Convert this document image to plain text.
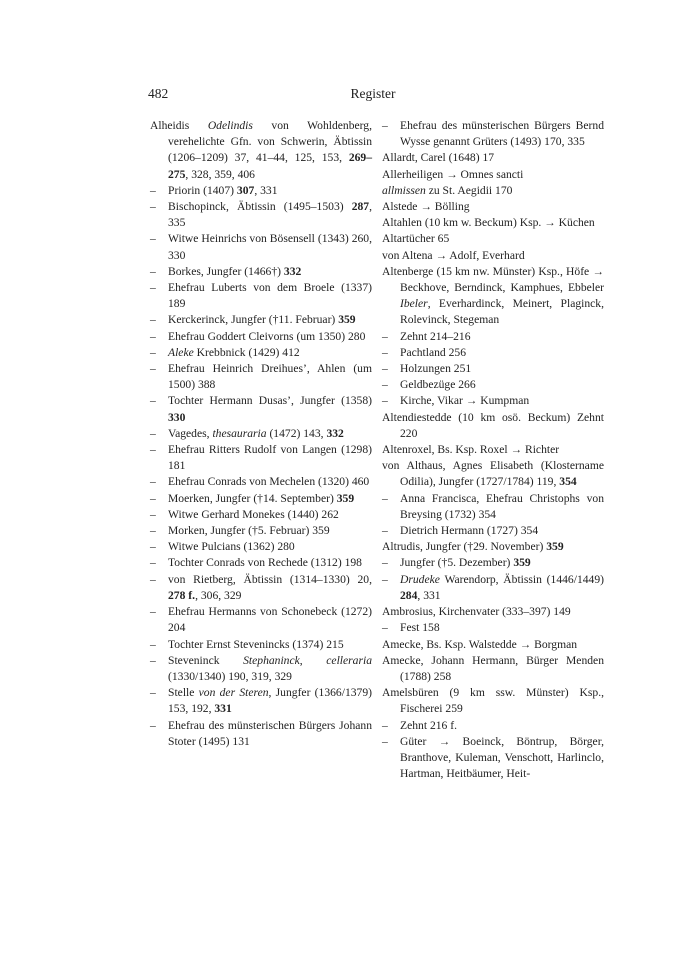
482	Register

Alheidis Odelindis von Wohldenberg, verehelichte Gfn. von Schwerin, Äbtissin (1206–1209) 37, 41–44, 125, 153, 269–275, 328, 359, 406

– Priorin (1407) 307, 331

– Bischopinck, Äbtissin (1495–1503) 287, 335

– Witwe Heinrichs von Bösensell (1343) 260, 330

– Borkes, Jungfer (1466†) 332

– Ehefrau Luberts von dem Broele (1337) 189

– Kerckerinck, Jungfer (†11. Februar) 359

– Ehefrau Goddert Cleivorns (um 1350) 280

– Aleke Krebbnick (1429) 412

– Ehefrau Heinrich Dreihues’, Ahlen (um 1500) 388

– Tochter Hermann Dusas’, Jungfer (1358) 330

– Vagedes, thesauraria (1472) 143, 332

– Ehefrau Ritters Rudolf von Langen (1298) 181

– Ehefrau Conrads von Mechelen (1320) 460

– Moerken, Jungfer (†14. September) 359

– Witwe Gerhard Monekes (1440) 262

– Morken, Jungfer (†5. Februar) 359

– Witwe Pulcians (1362) 280

– Tochter Conrads von Rechede (1312) 198

– von Rietberg, Äbtissin (1314–1330) 20, 278 f., 306, 329

– Ehefrau Hermanns von Schonebeck (1272) 204

– Tochter Ernst Stevenincks (1374) 215

– Steveninck Stephaninck, celleraria (1330/1340) 190, 319, 329

– Stelle von der Steren, Jungfer (1366/1379) 153, 192, 331

– Ehefrau des münsterischen Bürgers Johann Stoter (1495) 131

– Ehefrau des münsterischen Bürgers Bernd Wysse genannt Grüters (1493) 170, 335

Allardt, Carel (1648) 17

Allerheiligen → Omnes sancti

allmissen zu St. Aegidii 170

Alstede → Bölling

Altahlen (10 km w. Beckum) Ksp. → Küchen

Altartücher 65

von Altena → Adolf, Everhard

Altenberge (15 km nw. Münster) Ksp., Höfe → Beckhove, Berndinck, Kamphues, Ebbeler Ibeler, Everhardinck, Meinert, Plaginck, Rolevinck, Stegeman

– Zehnt 214–216

– Pachtland 256

– Holzungen 251

– Geldbezüge 266

– Kirche, Vikar → Kumpman

Altendiestedde (10 km osö. Beckum) Zehnt 220

Altenroxel, Bs. Ksp. Roxel → Richter

von Althaus, Agnes Elisabeth (Klostername Odilia), Jungfer (1727/1784) 119, 354

– Anna Francisca, Ehefrau Christophs von Breysing (1732) 354

– Dietrich Hermann (1727) 354

Altrudis, Jungfer (†29. November) 359

– Jungfer (†5. Dezember) 359

– Drudeke Warendorp, Äbtissin (1446/1449) 284, 331

Ambrosius, Kirchenvater (333–397) 149

– Fest 158

Amecke, Bs. Ksp. Walstedde → Borgman

Amecke, Johann Hermann, Bürger Menden (1788) 258

Amelsbüren (9 km ssw. Münster) Ksp., Fischerei 259

– Zehnt 216 f.

– Güter → Boeinck, Böntrup, Börger, Branthove, Kuleman, Venschott, Harlinclo, Hartman, Heitbäumer, Heit-
